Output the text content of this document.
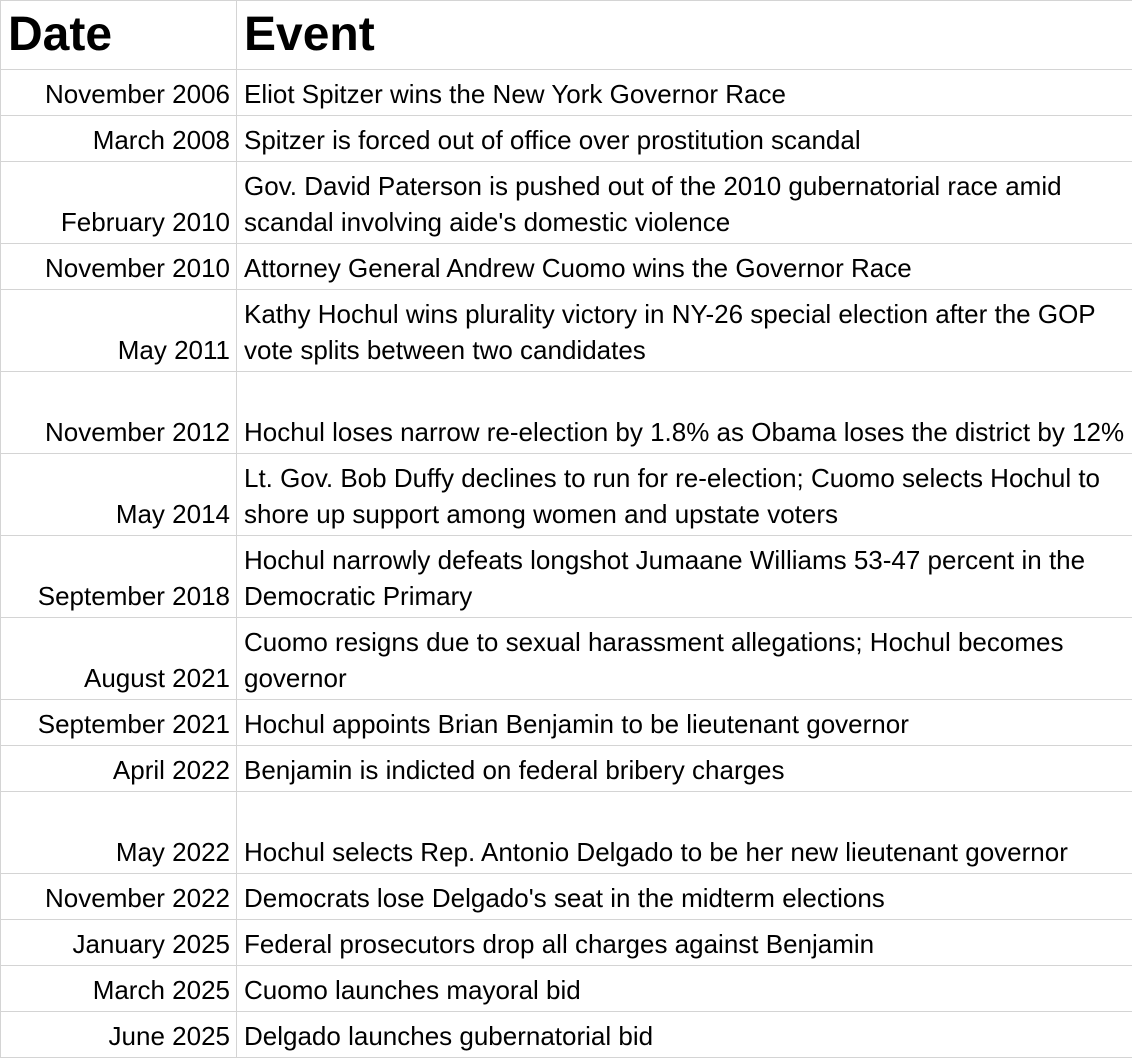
Date	Event
November 2006	Eliot Spitzer wins the New York Governor Race
March 2008	Spitzer is forced out of office over prostitution scandal
February 2010	Gov. David Paterson is pushed out of the 2010 gubernatorial race amid scandal involving aide's domestic violence
November 2010	Attorney General Andrew Cuomo wins the Governor Race
May 2011	Kathy Hochul wins plurality victory in NY-26 special election after the GOP vote splits between two candidates
November 2012	Hochul loses narrow re-election by 1.8% as Obama loses the district by 12%
May 2014	Lt. Gov. Bob Duffy declines to run for re-election; Cuomo selects Hochul to shore up support among women and upstate voters
September 2018	Hochul narrowly defeats longshot Jumaane Williams 53-47 percent in the Democratic Primary
August 2021	Cuomo resigns due to sexual harassment allegations; Hochul becomes governor
September 2021	Hochul appoints Brian Benjamin to be lieutenant governor
April 2022	Benjamin is indicted on federal bribery charges
May 2022	Hochul selects Rep. Antonio Delgado to be her new lieutenant governor
November 2022	Democrats lose Delgado's seat in the midterm elections
January 2025	Federal prosecutors drop all charges against Benjamin
March 2025	Cuomo launches mayoral bid
June 2025	Delgado launches gubernatorial bid
